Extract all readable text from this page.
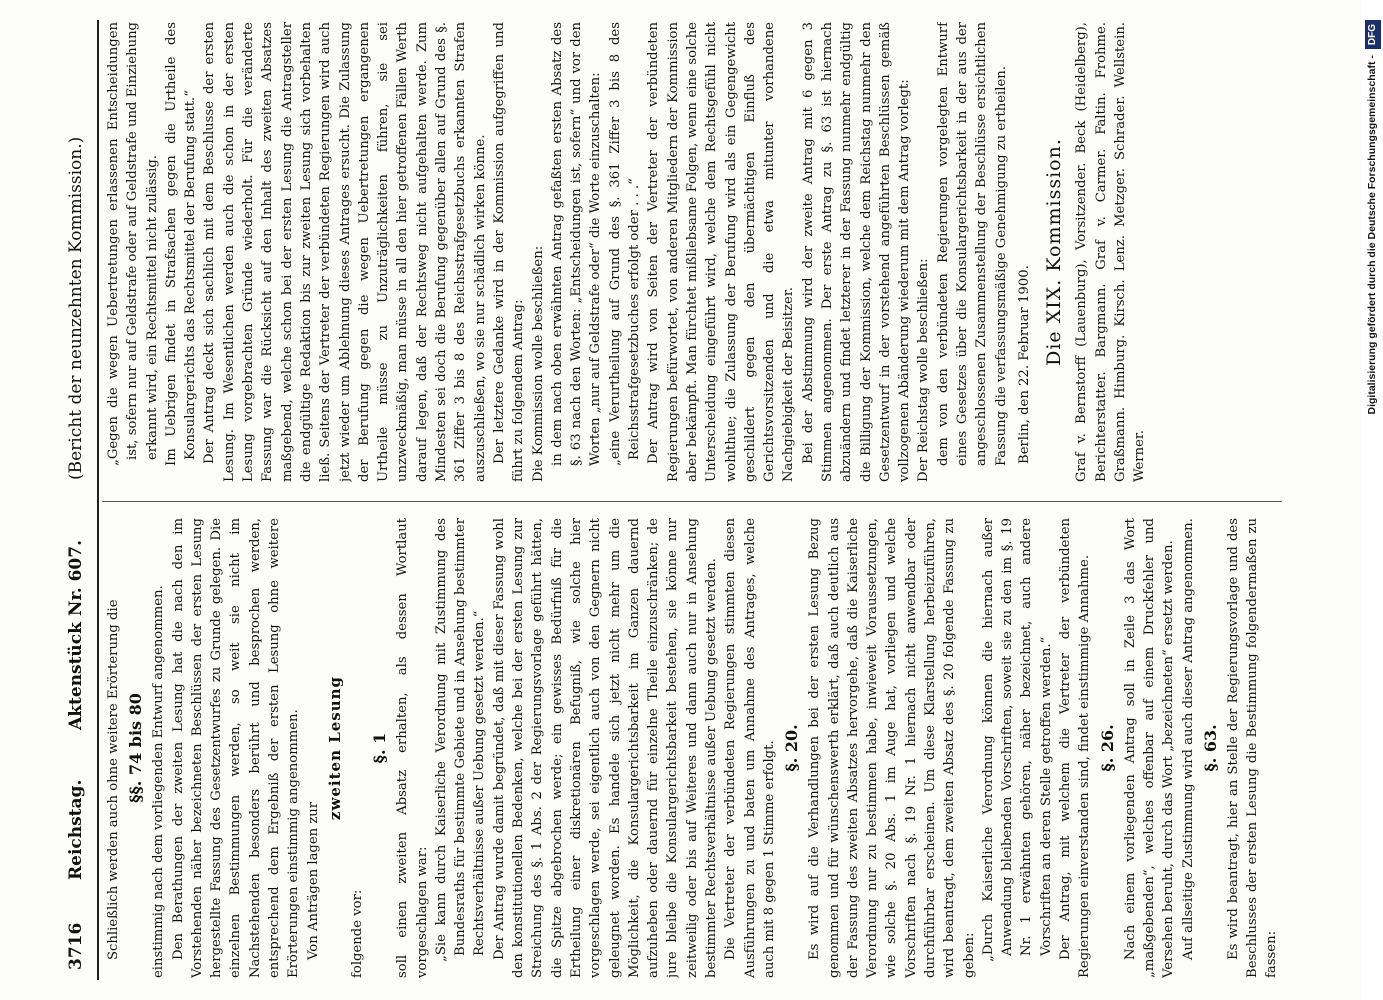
3716
Reichstag.
Aktenstück Nr. 607.
(Bericht der neunzehnten Kommission.)

Schließlich werden auch ohne weitere Erörterung die §§. 74 bis 80 einstimmig nach dem vorliegenden Entwurf angenommen. Den Berathungen der zweiten Lesung hat die nach den im Vorstehenden näher bezeichneten Beschlüssen der ersten Lesung hergestellte Fassung des Gesetzentwurfes zu Grunde gelegen. Die einzelnen Bestimmungen werden, so weit sie nicht im Nachstehenden besonders berührt und besprochen werden, entsprechend dem Ergebniß der ersten Lesung ohne weitere Erörterungen einstimmig angenommen. Von Anträgen lagen zur

zweiten Lesung

folgende vor:

§. 1 soll einen zweiten Absatz erhalten, als dessen Wortlaut vorgeschlagen war: „Sie kann durch Kaiserliche Verordnung mit Zustimmung des Bundesraths für bestimmte Gebiete und in Ansehung bestimmter Rechtsverhältnisse außer Uebung gesetzt werden.“ Der Antrag wurde damit begründet, daß mit dieser Fassung wohl den konstitutionellen Bedenken, welche bei der ersten Lesung zur Streichung des §. 1 Abs. 2 der Regierungsvorlage geführt hätten, die Spitze abgebrochen werde; ein gewisses Bedürfniß für die Ertheilung einer diskretionären Befugniß, wie solche hier vorgeschlagen werde, sei eigentlich auch von den Gegnern nicht geleugnet worden. Es handele sich jetzt nicht mehr um die Möglichkeit, die Konsulargerichtsbarkeit im Ganzen dauernd aufzuheben oder dauernd für einzelne Theile einzuschränken; de jure bleibe die Konsulargerichtsbarkeit bestehen, sie könne nur zeitweilig oder bis auf Weiteres und dann auch nur in Ansehung bestimmter Rechtsverhältnisse außer Uebung gesetzt werden. Die Vertreter der verbündeten Regierungen stimmten diesen Ausführungen zu und baten um Annahme des Antrages, welche auch mit 8 gegen 1 Stimme erfolgt. §. 20. Es wird auf die Verhandlungen bei der ersten Lesung Bezug genommen und für wünschenswerth erklärt, daß auch deutlich aus der Fassung des zweiten Absatzes hervorgehe, daß die Kaiserliche Verordnung nur zu bestimmen habe, inwieweit Voraussetzungen, wie solche §. 20 Abs. 1 im Auge hat, vorliegen und welche Vorschriften nach §. 19 Nr. 1 hiernach nicht anwendbar oder durchführbar erscheinen. Um diese Klarstellung herbeizuführen, wird beantragt, dem zweiten Absatz des §. 20 folgende Fassung zu geben: „Durch Kaiserliche Verordnung können die hiernach außer Anwendung bleibenden Vorschriften, soweit sie zu den im §. 19 Nr. 1 erwähnten gehören, näher bezeichnet, auch andere Vorschriften an deren Stelle getroffen werden.“ Der Antrag, mit welchem die Vertreter der verbündeten Regierungen einverstanden sind, findet einstimmige Annahme. §. 26. Nach einem vorliegenden Antrag soll in Zeile 3 das Wort „maßgebenden“, welches offenbar auf einem Druckfehler und Versehen beruht, durch das Wort „bezeichneten“ ersetzt werden. Auf allseitige Zustimmung wird auch dieser Antrag angenommen. §. 63. Es wird beantragt, hier an Stelle der Regierungsvorlage und des Beschlusses der ersten Lesung die Bestimmung folgendermaßen zu fassen:

„Gegen die wegen Uebertretungen erlassenen Entscheidungen ist, sofern nur auf Geldstrafe oder auf Geldstrafe und Einziehung erkannt wird, ein Rechtsmittel nicht zulässig. Im Uebrigen findet in Strafsachen gegen die Urtheile des Konsulargerichts das Rechtsmittel der Berufung statt.“ Der Antrag deckt sich sachlich mit dem Beschlusse der ersten Lesung. Im Wesentlichen werden auch die schon in der ersten Lesung vorgebrachten Gründe wiederholt. Für die veränderte Fassung war die Rücksicht auf den Inhalt des zweiten Absatzes maßgebend, welche schon bei der ersten Lesung die Antragsteller die endgültige Redaktion bis zur zweiten Lesung sich vorbehalten ließ. Seitens der Vertreter der verbündeten Regierungen wird auch jetzt wieder um Ablehnung dieses Antrages ersucht. Die Zulassung der Berufung gegen die wegen Uebertretungen ergangenen Urtheile müsse zu Unzuträglichkeiten führen, sie sei unzweckmäßig, man müsse in all den hier getroffenen Fällen Werth darauf legen, daß der Rechtsweg nicht aufgehalten werde. Zum Mindesten sei doch die Berufung gegenüber allen auf Grund des §. 361 Ziffer 3 bis 8 des Reichsstrafgesetzbuchs erkannten Strafen auszuschließen, wo sie nur schädlich wirken könne. Der letztere Gedanke wird in der Kommission aufgegriffen und führt zu folgendem Antrag: Die Kommission wolle beschließen: in dem nach oben erwähnten Antrag gefaßten ersten Absatz des §. 63 nach den Worten: „Entscheidungen ist, sofern“ und vor den Worten „nur auf Geldstrafe oder“ die Worte einzuschalten: „eine Verurtheilung auf Grund des §. 361 Ziffer 3 bis 8 des Reichsstrafgesetzbuches erfolgt oder . . .“ Der Antrag wird von Seiten der Vertreter der verbündeten Regierungen befürwortet, von anderen Mitgliedern der Kommission aber bekämpft. Man fürchtet mißliebsame Folgen, wenn eine solche Unterscheidung eingeführt wird, welche dem Rechtsgefühl nicht wohlthue; die Zulassung der Berufung wird als ein Gegengewicht geschildert gegen den übermächtigen Einfluß des Gerichtsvorsitzenden und die etwa mitunter vorhandene Nachgiebigkeit der Beisitzer. Bei der Abstimmung wird der zweite Antrag mit 6 gegen 3 Stimmen angenommen. Der erste Antrag zu §. 63 ist hiernach abzuändern und findet letzterer in der Fassung nunmehr endgültig die Billigung der Kommission, welche dem Reichstag nunmehr den Gesetzentwurf in der vorstehend angeführten Beschlüssen gemäß vollzogenen Abänderung wiederum mit dem Antrag vorlegt: Der Reichstag wolle beschließen: dem von den verbündeten Regierungen vorgelegten Entwurf eines Gesetzes über die Konsulargerichtsbarkeit in der aus der angeschlossenen Zusammenstellung der Beschlüsse ersichtlichen Fassung die verfassungsmäßige Genehmigung zu ertheilen. Berlin, den 22. Februar 1900. Die XIX. Kommission. Graf v. Bernstorff (Lauenburg), Vorsitzender. Beck (Heidelberg), Berichterstatter. Bargmann. Graf v. Carmer. Faltin. Frohme. Graßmann. Himburg. Kirsch. Lenz. Metzger. Schrader. Wellstein. Werner.

Digitalisierung gefördert durch die Deutsche Forschungsgemeinschaft -DFG
